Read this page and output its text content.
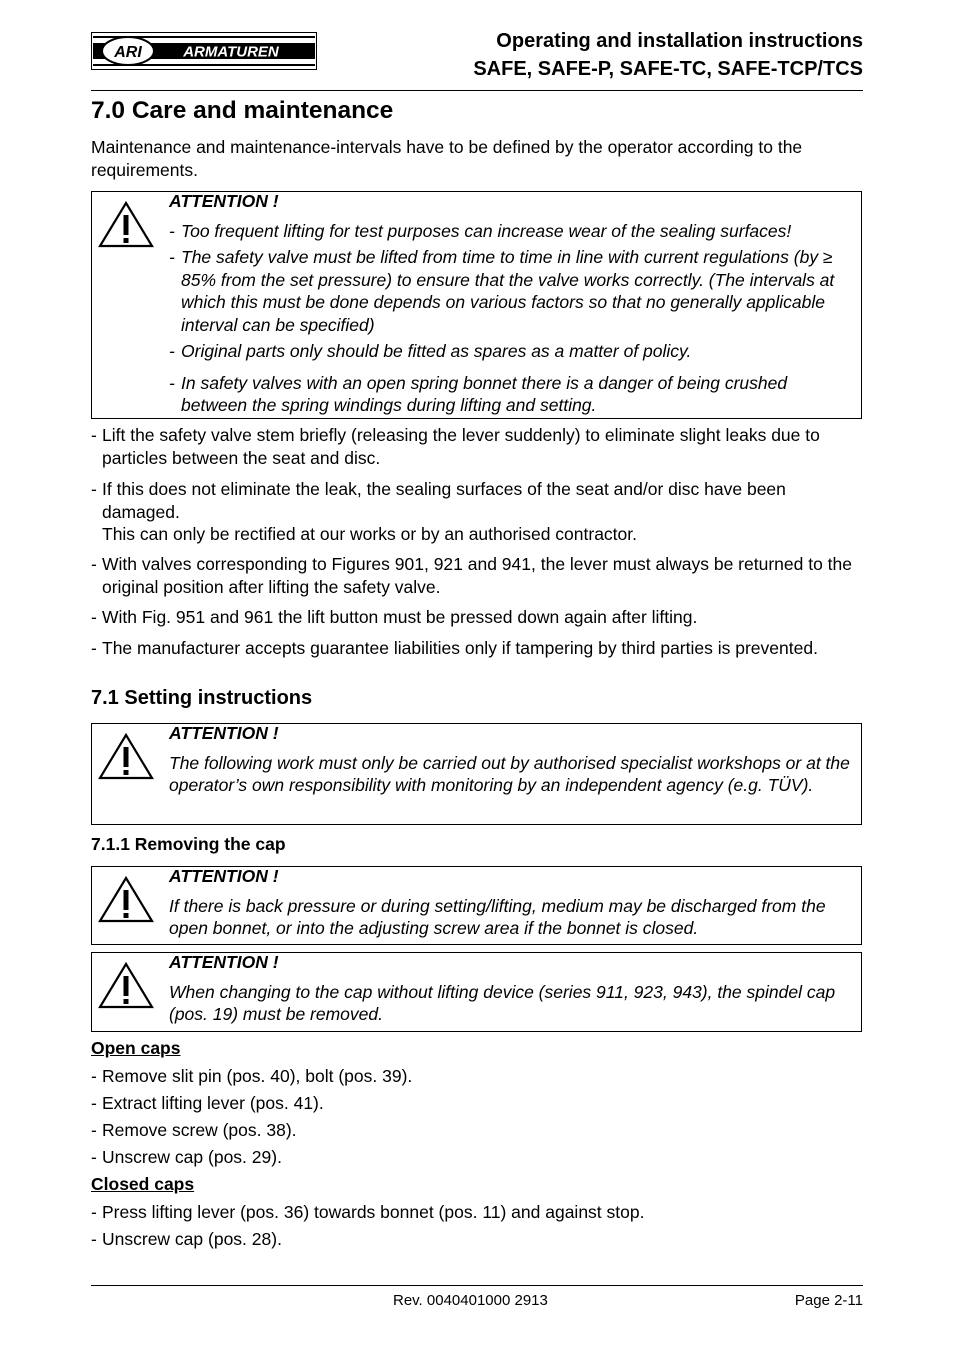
ARI	ARMATUREN	Operating and installation instructions
SAFE, SAFE-P, SAFE-TC, SAFE-TCP/TCS
7.0 Care and maintenance
Maintenance and maintenance-intervals have to be defined by the operator according to the requirements.
ATTENTION !
- Too frequent lifting for test purposes can increase wear of the sealing surfaces!
- The safety valve must be lifted from time to time in line with current regulations (by ≥ 85% from the set pressure) to ensure that the valve works correctly. (The intervals at which this must be done depends on various factors so that no generally applicable interval can be specified)
- Original parts only should be fitted as spares as a matter of policy.
- In safety valves with an open spring bonnet there is a danger of being crushed between the spring windings during lifting and setting.
- Lift the safety valve stem briefly (releasing the lever suddenly) to eliminate slight leaks due to particles between the seat and disc.
- If this does not eliminate the leak, the sealing surfaces of the seat and/or disc have been damaged.
This can only be rectified at our works or by an authorised contractor.
- With valves corresponding to Figures 901, 921 and 941, the lever must always be returned to the original position after lifting the safety valve.
- With Fig. 951 and 961 the lift button must be pressed down again after lifting.
- The manufacturer accepts guarantee liabilities only if tampering by third parties is prevented.
7.1 Setting instructions
ATTENTION !
The following work must only be carried out by authorised specialist workshops or at the operator’s own responsibility with monitoring by an independent agency (e.g. TÜV).
7.1.1 Removing the cap
ATTENTION !
If there is back pressure or during setting/lifting, medium may be discharged from the open bonnet, or into the adjusting screw area if the bonnet is closed.
ATTENTION !
When changing to the cap without lifting device (series 911, 923, 943), the spindel cap (pos. 19) must be removed.
Open caps
- Remove slit pin (pos. 40), bolt (pos. 39).
- Extract lifting lever (pos. 41).
- Remove screw (pos. 38).
- Unscrew cap (pos. 29).
Closed caps
- Press lifting lever (pos. 36) towards bonnet (pos. 11) and against stop.
- Unscrew cap (pos. 28).
Rev. 0040401000 2913	Page 2-11
